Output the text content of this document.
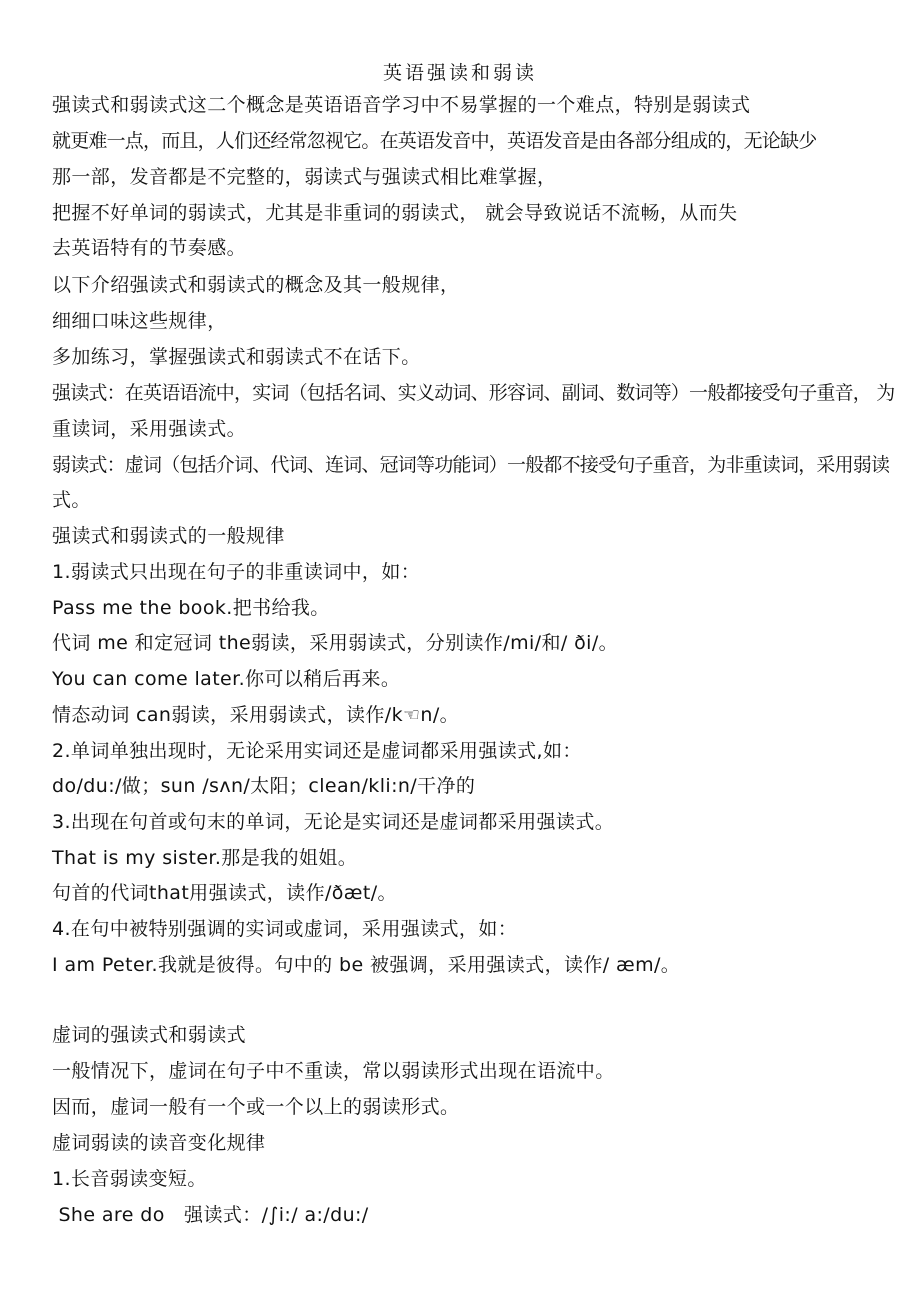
英语强读和弱读
强读式和弱读式这二个概念是英语语音学习中不易掌握的一个难点，特别是弱读式
就更难一点，而且，人们还经常忽视它。在英语发音中，英语发音是由各部分组成的，无论缺少
那一部，发音都是不完整的，弱读式与强读式相比难掌握，
把握不好单词的弱读式，尤其是非重词的弱读式， 就会导致说话不流畅，从而失
去英语特有的节奏感。
以下介绍强读式和弱读式的概念及其一般规律，
细细口味这些规律，
多加练习，掌握强读式和弱读式不在话下。
强读式：在英语语流中，实词（包括名词、实义动词、形容词、副词、数词等）一般都接受句子重音， 为
重读词，采用强读式。
弱读式：虚词（包括介词、代词、连词、冠词等功能词）一般都不接受句子重音，为非重读词，采用弱读
式。
强读式和弱读式的一般规律
1.弱读式只出现在句子的非重读词中，如：
Pass me the book.把书给我。
代词 me 和定冠词 the弱读，采用弱读式，分别读作/mi/和/ ði/。
You can come later.你可以稍后再来。
情态动词 can弱读，采用弱读式，读作/k☜n/。
2.单词单独出现时，无论采用实词还是虚词都采用强读式,如：
do/du:/做；sun /sʌn/太阳；clean/kli:n/干净的
3.出现在句首或句末的单词，无论是实词还是虚词都采用强读式。
That is my sister.那是我的姐姐。
句首的代词that用强读式，读作/ðæt/。
4.在句中被特别强调的实词或虚词，采用强读式，如：
I am Peter.我就是彼得。句中的 be 被强调，采用强读式，读作/ æm/。
虚词的强读式和弱读式
一般情况下，虚词在句子中不重读，常以弱读形式出现在语流中。
因而，虚词一般有一个或一个以上的弱读形式。
虚词弱读的读音变化规律
1.长音弱读变短。
She are do   强读式：/∫i:/ a:/du:/
